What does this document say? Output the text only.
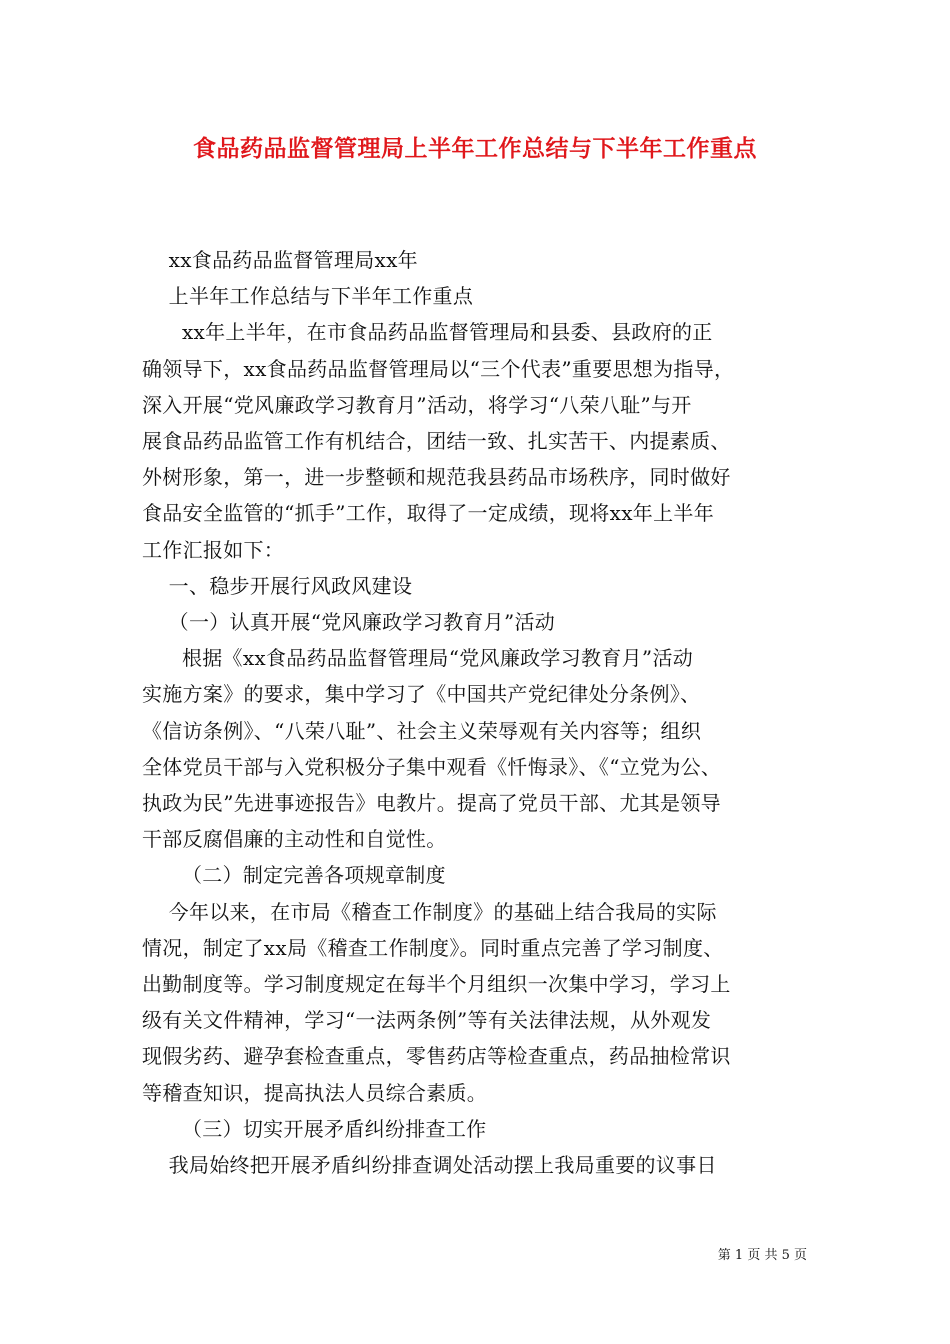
食品药品监督管理局上半年工作总结与下半年工作重点

xx食品药品监督管理局xx年

上半年工作总结与下半年工作重点

xx年上半年，在市食品药品监督管理局和县委、县政府的正

确领导下，xx食品药品监督管理局以“三个代表”重要思想为指导，

深入开展“党风廉政学习教育月”活动，将学习“八荣八耻”与开

展食品药品监管工作有机结合，团结一致、扎实苦干、内提素质、

外树形象，第一，进一步整顿和规范我县药品市场秩序，同时做好

食品安全监管的“抓手”工作，取得了一定成绩，现将xx年上半年

工作汇报如下：

一、稳步开展行风政风建设

（一）认真开展“党风廉政学习教育月”活动

根据《xx食品药品监督管理局“党风廉政学习教育月”活动

实施方案》的要求，集中学习了《中国共产党纪律处分条例》、

《信访条例》、“八荣八耻”、社会主义荣辱观有关内容等；组织

全体党员干部与入党积极分子集中观看《忏悔录》、《“立党为公、

执政为民”先进事迹报告》电教片。提高了党员干部、尤其是领导

干部反腐倡廉的主动性和自觉性。

（二）制定完善各项规章制度

今年以来，在市局《稽查工作制度》的基础上结合我局的实际

情况，制定了xx局《稽查工作制度》。同时重点完善了学习制度、

出勤制度等。学习制度规定在每半个月组织一次集中学习，学习上

级有关文件精神，学习“一法两条例”等有关法律法规，从外观发

现假劣药、避孕套检查重点，零售药店等检查重点，药品抽检常识

等稽查知识，提高执法人员综合素质。

（三）切实开展矛盾纠纷排查工作

我局始终把开展矛盾纠纷排查调处活动摆上我局重要的议事日

第 1 页 共 5 页
